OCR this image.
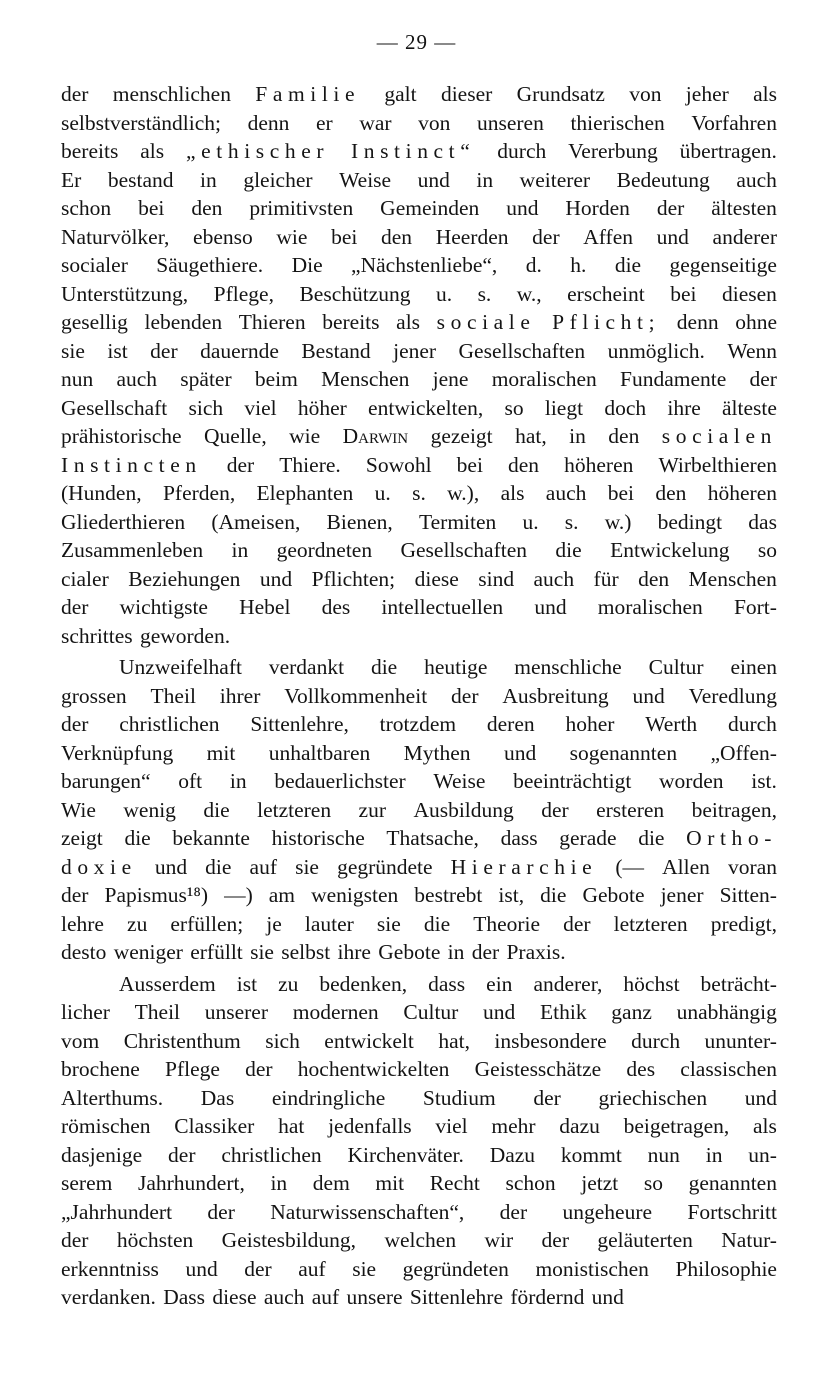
— 29 —
der menschlichen Familie galt dieser Grundsatz von jeher als
selbstverständlich; denn er war von unseren thierischen Vorfahren
bereits als „ethischer Instinct“ durch Vererbung übertragen.
Er bestand in gleicher Weise und in weiterer Bedeutung auch
schon bei den primitivsten Gemeinden und Horden der ältesten
Naturvölker, ebenso wie bei den Heerden der Affen und anderer
socialer Säugethiere. Die „Nächstenliebe“, d. h. die gegenseitige
Unterstützung, Pflege, Beschützung u. s. w., erscheint bei diesen
gesellig lebenden Thieren bereits als sociale Pflicht; denn ohne
sie ist der dauernde Bestand jener Gesellschaften unmöglich. Wenn
nun auch später beim Menschen jene moralischen Fundamente der
Gesellschaft sich viel höher entwickelten, so liegt doch ihre älteste
prähistorische Quelle, wie Darwin gezeigt hat, in den socialen
Instincten der Thiere. Sowohl bei den höheren Wirbelthieren
(Hunden, Pferden, Elephanten u. s. w.), als auch bei den höheren
Gliederthieren (Ameisen, Bienen, Termiten u. s. w.) bedingt das
Zusammenleben in geordneten Gesellschaften die Entwickelung so
cialer Beziehungen und Pflichten; diese sind auch für den Menschen
der wichtigste Hebel des intellectuellen und moralischen Fort-
schrittes geworden.
Unzweifelhaft verdankt die heutige menschliche Cultur einen
grossen Theil ihrer Vollkommenheit der Ausbreitung und Veredlung
der christlichen Sittenlehre, trotzdem deren hoher Werth durch
Verknüpfung mit unhaltbaren Mythen und sogenannten „Offen-
barungen“ oft in bedauerlichster Weise beeinträchtigt worden ist.
Wie wenig die letzteren zur Ausbildung der ersteren beitragen,
zeigt die bekannte historische Thatsache, dass gerade die Ortho-
doxie und die auf sie gegründete Hierarchie (— Allen voran
der Papismus¹⁸) —) am wenigsten bestrebt ist, die Gebote jener Sitten-
lehre zu erfüllen; je lauter sie die Theorie der letzteren predigt,
desto weniger erfüllt sie selbst ihre Gebote in der Praxis.
Ausserdem ist zu bedenken, dass ein anderer, höchst beträcht-
licher Theil unserer modernen Cultur und Ethik ganz unabhängig
vom Christenthum sich entwickelt hat, insbesondere durch ununter-
brochene Pflege der hochentwickelten Geistesschätze des classischen
Alterthums. Das eindringliche Studium der griechischen und
römischen Classiker hat jedenfalls viel mehr dazu beigetragen, als
dasjenige der christlichen Kirchenväter. Dazu kommt nun in un-
serem Jahrhundert, in dem mit Recht schon jetzt so genannten
„Jahrhundert der Naturwissenschaften“, der ungeheure Fortschritt
der höchsten Geistesbildung, welchen wir der geläuterten Natur-
erkenntniss und der auf sie gegründeten monistischen Philosophie
verdanken. Dass diese auch auf unsere Sittenlehre fördernd und
